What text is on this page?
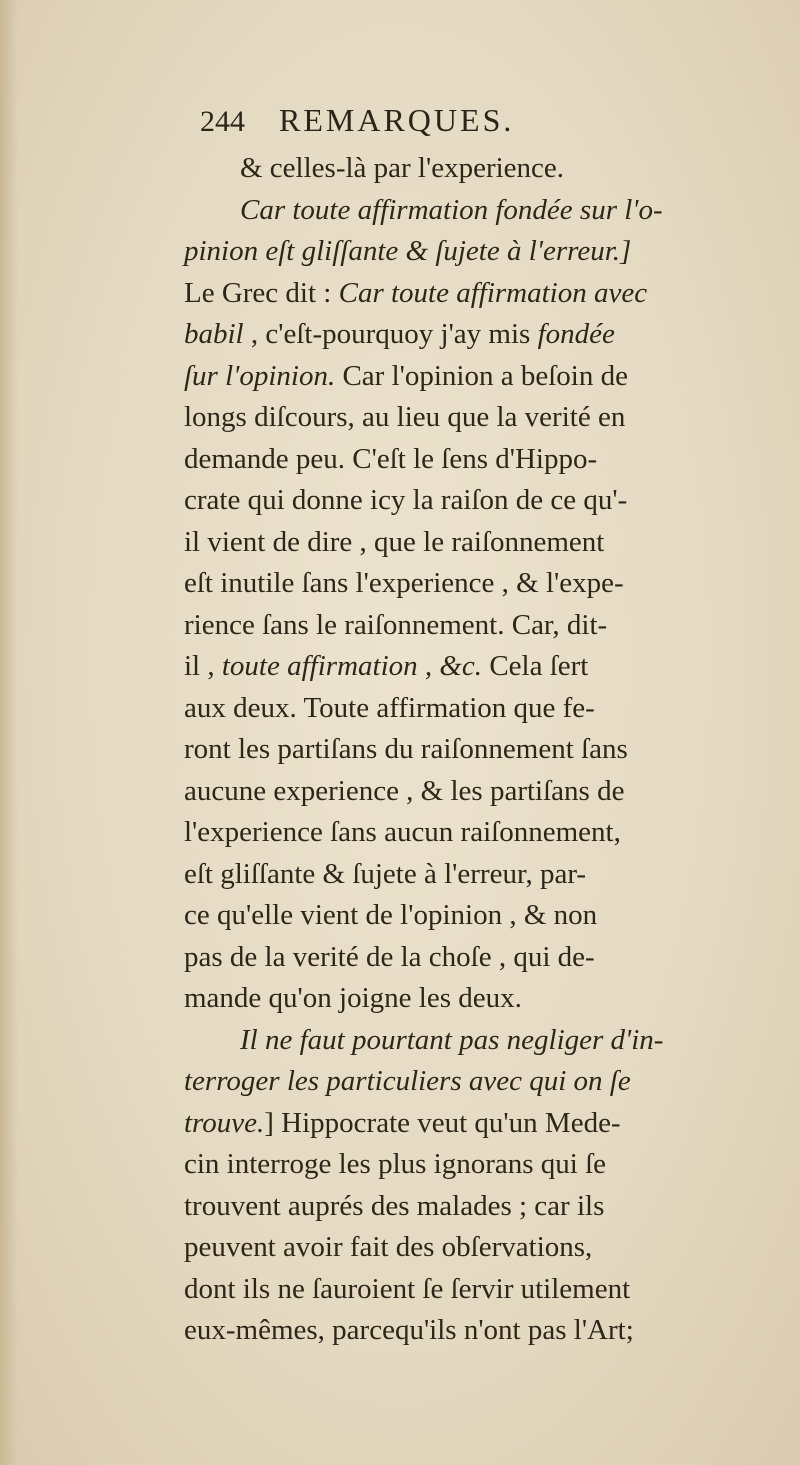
244 REMARQUES.
& celles-là par l'experience.
Car toute affirmation fondée sur l'o-
pinion eſt gliſſante & ſujete à l'erreur.]
Le Grec dit : Car toute affirmation avec
babil , c'eſt-pourquoy j'ay mis fondée
ſur l'opinion. Car l'opinion a beſoin de
longs diſcours, au lieu que la verité en
demande peu. C'eſt le ſens d'Hippo-
crate qui donne icy la raiſon de ce qu'-
il vient de dire , que le raiſonnement
eſt inutile ſans l'experience , & l'expe-
rience ſans le raiſonnement. Car, dit-
il , toute affirmation , &c. Cela ſert
aux deux. Toute affirmation que fe-
ront les partiſans du raiſonnement ſans
aucune experience , & les partiſans de
l'experience ſans aucun raiſonnement,
eſt gliſſante & ſujete à l'erreur, par-
ce qu'elle vient de l'opinion , & non
pas de la verité de la choſe , qui de-
mande qu'on joigne les deux.
Il ne faut pourtant pas negliger d'in-
terroger les particuliers avec qui on ſe
trouve.] Hippocrate veut qu'un Mede-
cin interroge les plus ignorans qui ſe
trouvent auprés des malades ; car ils
peuvent avoir fait des obſervations,
dont ils ne ſauroient ſe ſervir utilement
eux-mêmes, parcequ'ils n'ont pas l'Art;
